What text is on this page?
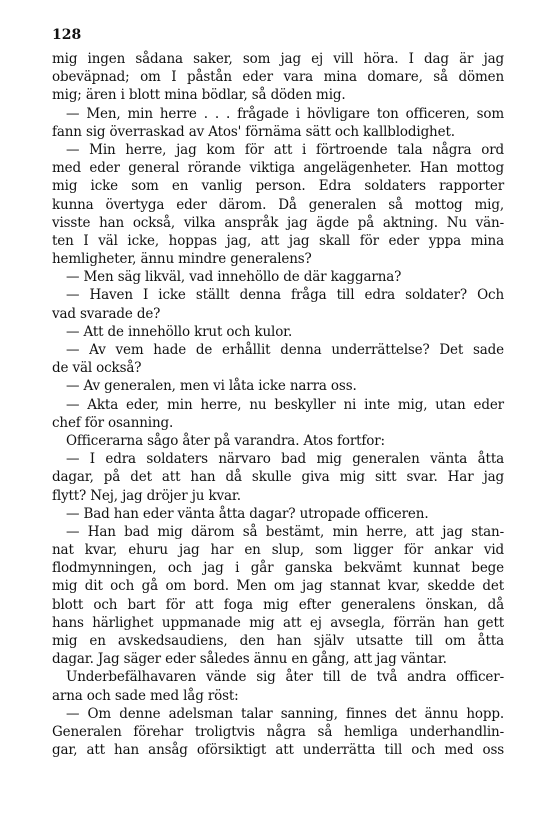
128
mig ingen sådana saker, som jag ej vill höra. I dag är jag
obeväpnad; om I påstån eder vara mina domare, så dömen
mig; ären i blott mina bödlar, så döden mig.
— Men, min herre . . . frågade i hövligare ton officeren, som
fann sig överraskad av Atos' förnäma sätt och kallblodighet.
— Min herre, jag kom för att i förtroende tala några ord
med eder general rörande viktiga angelägenheter. Han mottog
mig icke som en vanlig person. Edra soldaters rapporter
kunna övertyga eder därom. Då generalen så mottog mig,
visste han också, vilka anspråk jag ägde på aktning. Nu vän-
ten I väl icke, hoppas jag, att jag skall för eder yppa mina
hemligheter, ännu mindre generalens?
— Men säg likväl, vad innehöllo de där kaggarna?
— Haven I icke ställt denna fråga till edra soldater? Och
vad svarade de?
— Att de innehöllo krut och kulor.
— Av vem hade de erhållit denna underrättelse? Det sade
de väl också?
— Av generalen, men vi låta icke narra oss.
— Akta eder, min herre, nu beskyller ni inte mig, utan eder
chef för osanning.
Officerarna sågo åter på varandra. Atos fortfor:
— I edra soldaters närvaro bad mig generalen vänta åtta
dagar, på det att han då skulle giva mig sitt svar. Har jag
flytt? Nej, jag dröjer ju kvar.
— Bad han eder vänta åtta dagar? utropade officeren.
— Han bad mig därom så bestämt, min herre, att jag stan-
nat kvar, ehuru jag har en slup, som ligger för ankar vid
flodmynningen, och jag i går ganska bekvämt kunnat bege
mig dit och gå om bord. Men om jag stannat kvar, skedde det
blott och bart för att foga mig efter generalens önskan, då
hans härlighet uppmanade mig att ej avsegla, förrän han gett
mig en avskedsaudiens, den han själv utsatte till om åtta
dagar. Jag säger eder således ännu en gång, att jag väntar.
Underbefälhavaren vände sig åter till de två andra officer-
arna och sade med låg röst:
— Om denne adelsman talar sanning, finnes det ännu hopp.
Generalen förehar troligtvis några så hemliga underhandlin-
gar, att han ansåg oförsiktigt att underrätta till och med oss
